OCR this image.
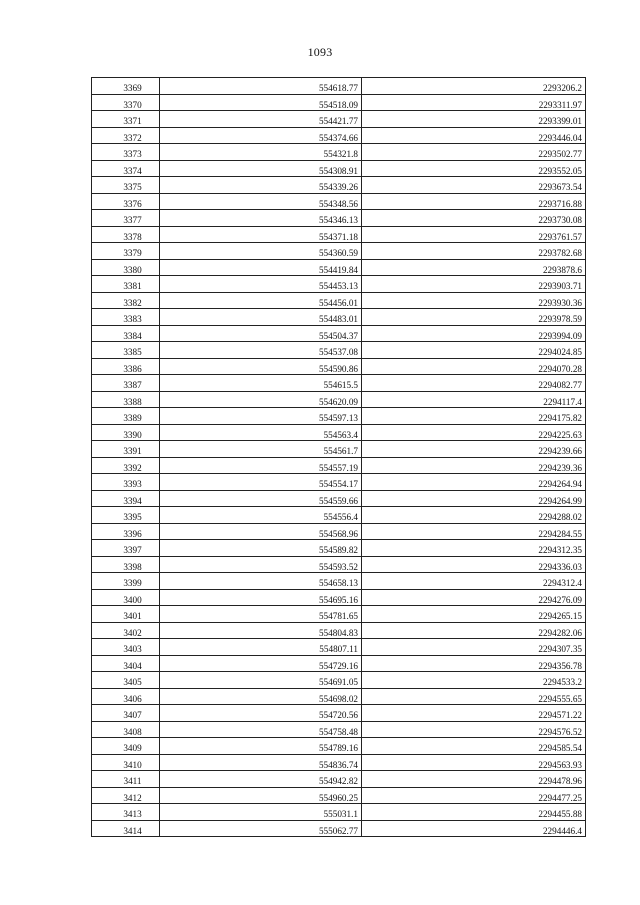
1093
3369	554618.77	2293206.2
3370	554518.09	2293311.97
3371	554421.77	2293399.01
3372	554374.66	2293446.04
3373	554321.8	2293502.77
3374	554308.91	2293552.05
3375	554339.26	2293673.54
3376	554348.56	2293716.88
3377	554346.13	2293730.08
3378	554371.18	2293761.57
3379	554360.59	2293782.68
3380	554419.84	2293878.6
3381	554453.13	2293903.71
3382	554456.01	2293930.36
3383	554483.01	2293978.59
3384	554504.37	2293994.09
3385	554537.08	2294024.85
3386	554590.86	2294070.28
3387	554615.5	2294082.77
3388	554620.09	2294117.4
3389	554597.13	2294175.82
3390	554563.4	2294225.63
3391	554561.7	2294239.66
3392	554557.19	2294239.36
3393	554554.17	2294264.94
3394	554559.66	2294264.99
3395	554556.4	2294288.02
3396	554568.96	2294284.55
3397	554589.82	2294312.35
3398	554593.52	2294336.03
3399	554658.13	2294312.4
3400	554695.16	2294276.09
3401	554781.65	2294265.15
3402	554804.83	2294282.06
3403	554807.11	2294307.35
3404	554729.16	2294356.78
3405	554691.05	2294533.2
3406	554698.02	2294555.65
3407	554720.56	2294571.22
3408	554758.48	2294576.52
3409	554789.16	2294585.54
3410	554836.74	2294563.93
3411	554942.82	2294478.96
3412	554960.25	2294477.25
3413	555031.1	2294455.88
3414	555062.77	2294446.4
